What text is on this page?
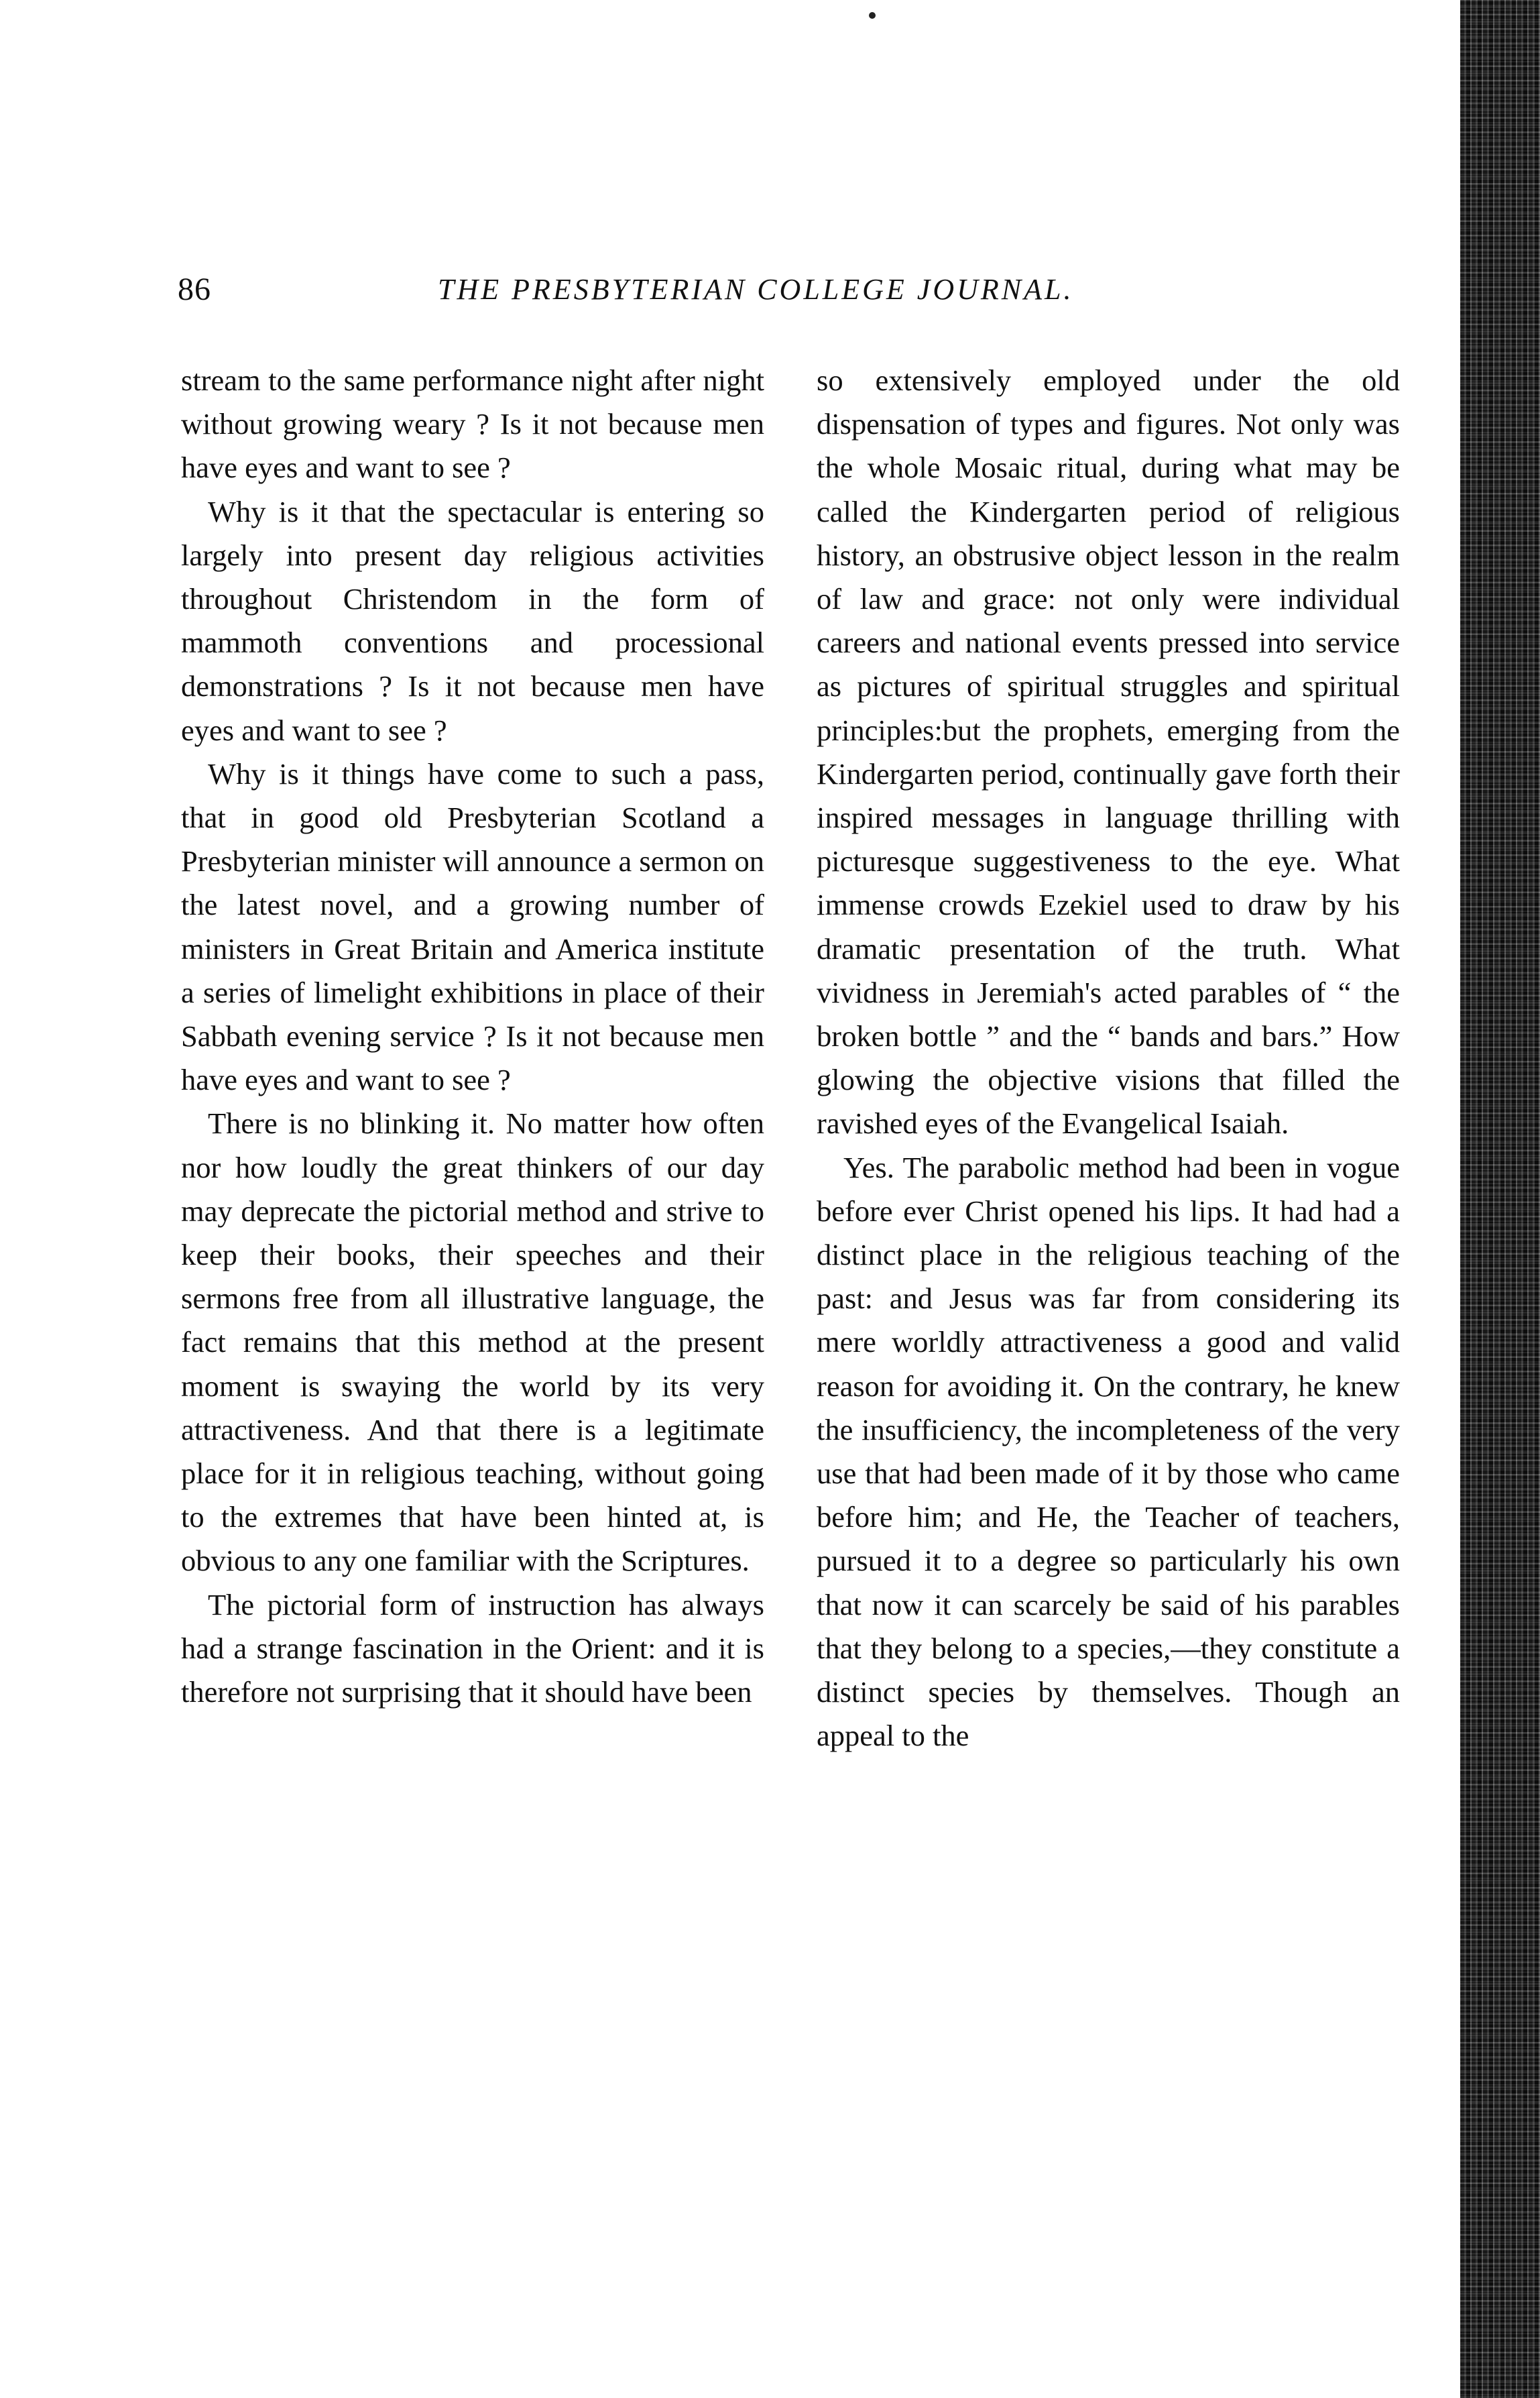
86	THE PRESBYTERIAN COLLEGE JOURNAL.

stream to the same performance night after night without growing weary ? Is it not because men have eyes and want to see ?

Why is it that the spectacular is entering so largely into present day religious activities throughout Christendom in the form of mammoth conventions and processional demonstrations ? Is it not because men have eyes and want to see ?

Why is it things have come to such a pass, that in good old Presbyterian Scotland a Presbyterian minister will announce a sermon on the latest novel, and a growing number of ministers in Great Britain and America institute a series of limelight exhibitions in place of their Sabbath evening service ? Is it not because men have eyes and want to see ?

There is no blinking it. No matter how often nor how loudly the great thinkers of our day may deprecate the pictorial method and strive to keep their books, their speeches and their sermons free from all illustrative language, the fact remains that this method at the present moment is swaying the world by its very attractiveness. And that there is a legitimate place for it in religious teaching, without going to the extremes that have been hinted at, is obvious to any one familiar with the Scriptures.

The pictorial form of instruction has always had a strange fascination in the Orient: and it is therefore not surprising that it should have been

so extensively employed under the old dispensation of types and figures. Not only was the whole Mosaic ritual, during what may be called the Kindergarten period of religious history, an obstrusive object lesson in the realm of law and grace: not only were individual careers and national events pressed into service as pictures of spiritual struggles and spiritual principles:but the prophets, emerging from the Kindergarten period, continually gave forth their inspired messages in language thrilling with picturesque suggestiveness to the eye. What immense crowds Ezekiel used to draw by his dramatic presentation of the truth. What vividness in Jeremiah's acted parables of “ the broken bottle ” and the “ bands and bars.” How glowing the objective visions that filled the ravished eyes of the Evangelical Isaiah.

Yes. The parabolic method had been in vogue before ever Christ opened his lips. It had had a distinct place in the religious teaching of the past: and Jesus was far from considering its mere worldly attractiveness a good and valid reason for avoiding it. On the contrary, he knew the insufficiency, the incompleteness of the very use that had been made of it by those who came before him; and He, the Teacher of teachers, pursued it to a degree so particularly his own that now it can scarcely be said of his parables that they belong to a species,—they constitute a distinct species by themselves. Though an appeal to the
